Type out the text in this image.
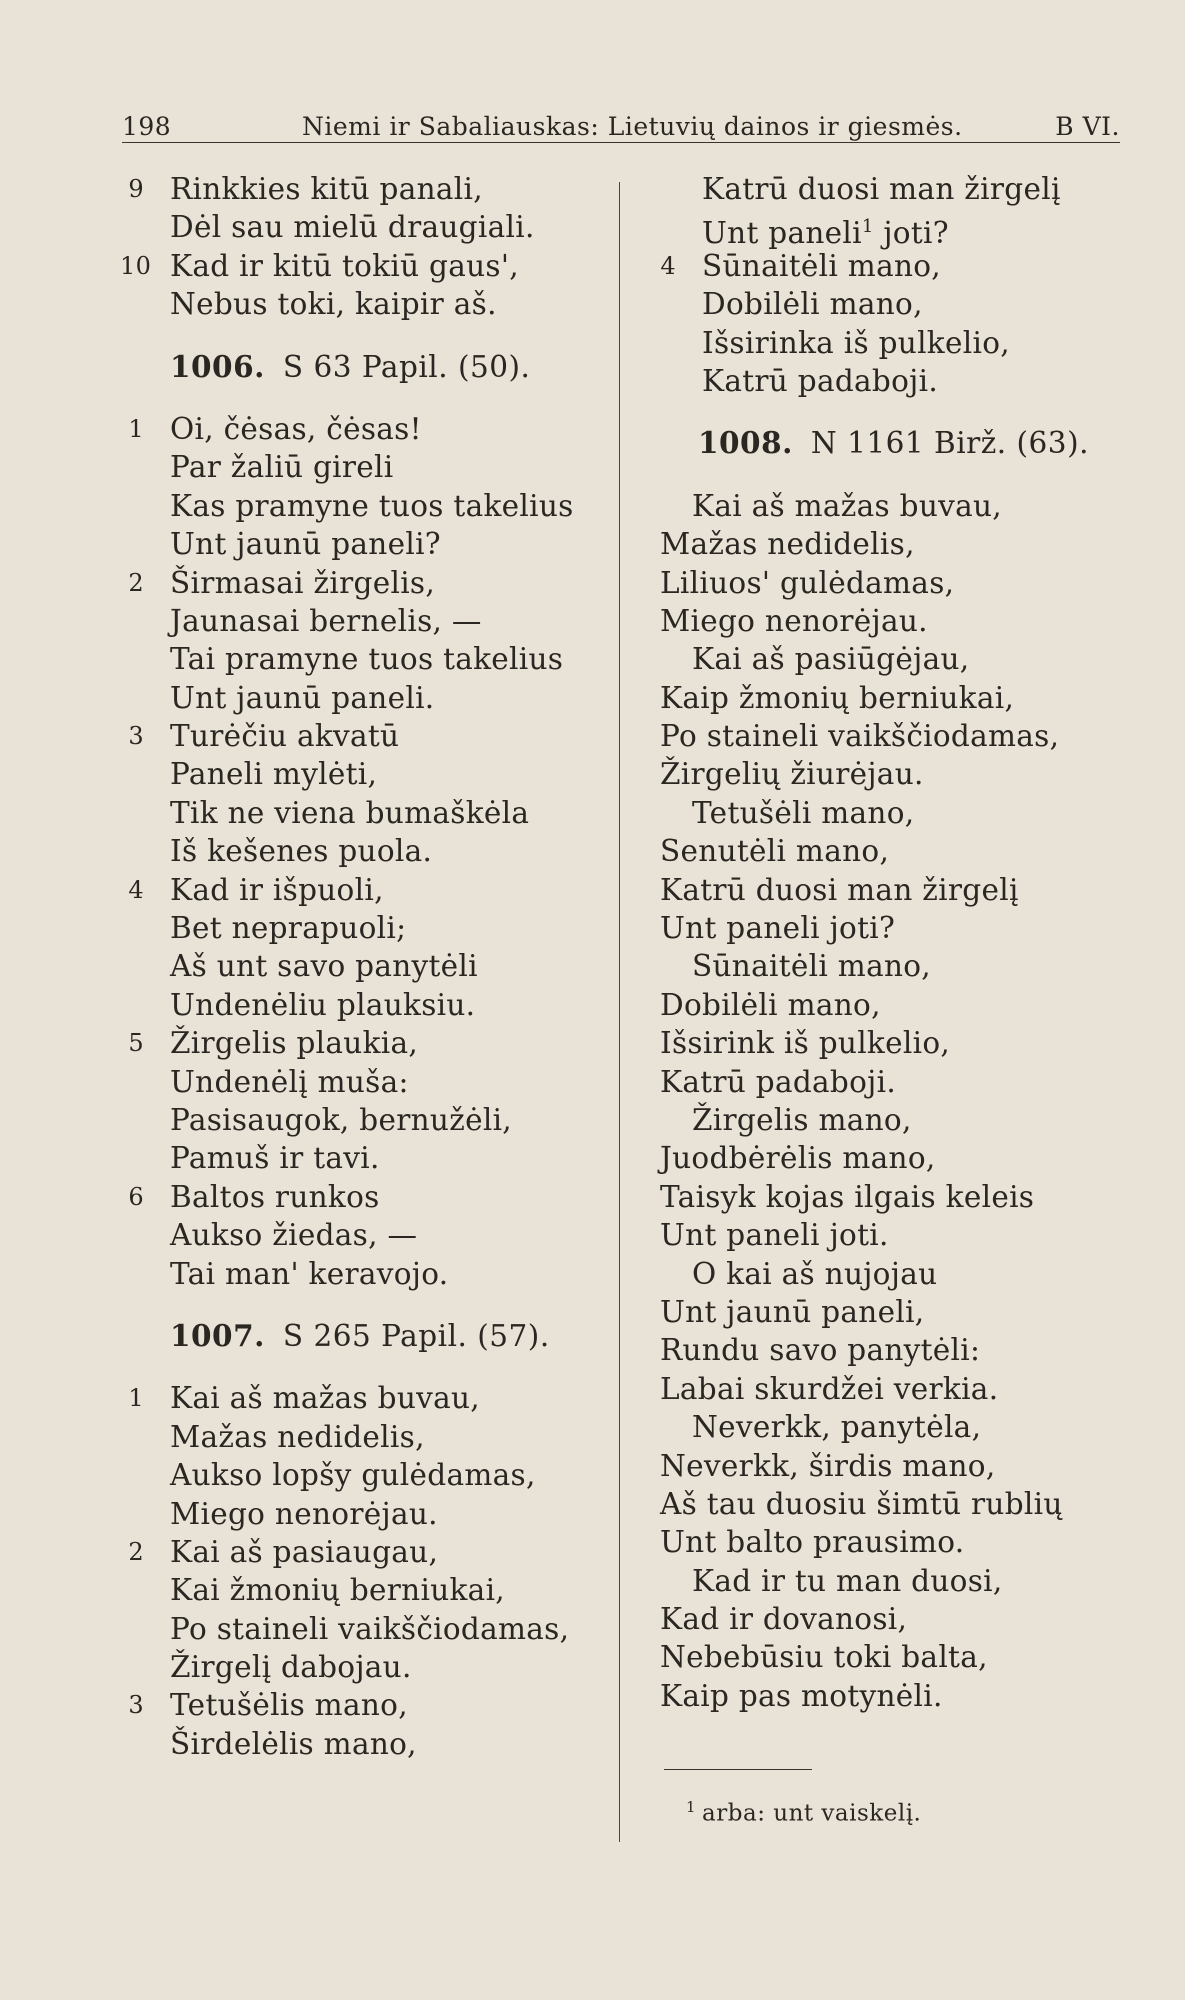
198	Niemi ir Sabaliauskas: Lietuvių dainos ir giesmės.	B VI.
9 Rinkkies kitū panali,
Dėl sau mielū draugiali.
10 Kad ir kitū tokiū gaus',
Nebus toki, kaipir aš.
1006. S 63 Papil. (50).
1 Oi, čėsas, čėsas!
Par žaliū gireli
Kas pramyne tuos takelius
Unt jaunū paneli?
2 Širmasai žirgelis,
Jaunasai bernelis, —
Tai pramyne tuos takelius
Unt jaunū paneli.
3 Turėčiu akvatū
Paneli mylėti,
Tik ne viena bumaškėla
Iš kešenes puola.
4 Kad ir išpuoli,
Bet neprapuoli;
Aš unt savo panytėli
Undenėliu plauksiu.
5 Žirgelis plaukia,
Undenėlį muša:
Pasisaugok, bernužėli,
Pamuš ir tavi.
6 Baltos runkos
Aukso žiedas, —
Tai man' keravojo.
1007. S 265 Papil. (57).
1 Kai aš mažas buvau,
Mažas nedidelis,
Aukso lopšy gulėdamas,
Miego nenorėjau.
2 Kai aš pasiaugau,
Kai žmonių berniukai,
Po staineli vaikščiodamas,
Žirgelį dabojau.
3 Tetušėlis mano,
Širdelėlis mano,
Katrū duosi man žirgelį
Unt paneli$^1$ joti?
4 Sūnaitėli mano,
Dobilėli mano,
Išsirinka iš pulkelio,
Katrū padaboji.
1008. N 1161 Birž. (63).
Kai aš mažas buvau,
Mažas nedidelis,
Liliuos' gulėdamas,
Miego nenorėjau.
Kai aš pasiūgėjau,
Kaip žmonių berniukai,
Po staineli vaikščiodamas,
Žirgelių žiurėjau.
Tetušėli mano,
Senutėli mano,
Katrū duosi man žirgelį
Unt paneli joti?
Sūnaitėli mano,
Dobilėli mano,
Išsirink iš pulkelio,
Katrū padaboji.
Žirgelis mano,
Juodbėrėlis mano,
Taisyk kojas ilgais keleis
Unt paneli joti.
O kai aš nujojau
Unt jaunū paneli,
Rundu savo panytėli:
Labai skurdžei verkia.
Neverkk, panytėla,
Neverkk, širdis mano,
Aš tau duosiu šimtū rublių
Unt balto prausimo.
Kad ir tu man duosi,
Kad ir dovanosi,
Nebebūsiu toki balta,
Kaip pas motynėli.
$^1$ arba: unt vaiskelį.
